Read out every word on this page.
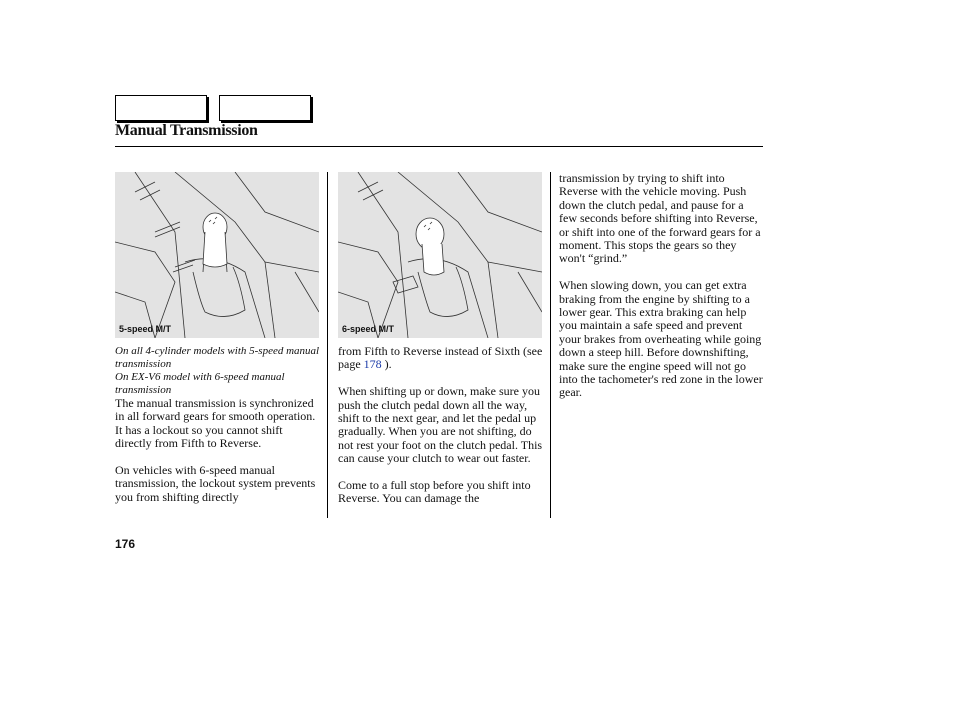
Manual Transmission
5-speed M/T	6-speed M/T
On all 4-cylinder models with 5-speed manual transmission
On EX-V6 model with 6-speed manual transmission

The manual transmission is synchronized in all forward gears for smooth operation. It has a lockout so you cannot shift directly from Fifth to Reverse.

On vehicles with 6-speed manual transmission, the lockout system prevents you from shifting directly

from Fifth to Reverse instead of Sixth (see page 178 ).

When shifting up or down, make sure you push the clutch pedal down all the way, shift to the next gear, and let the pedal up gradually. When you are not shifting, do not rest your foot on the clutch pedal. This can cause your clutch to wear out faster.

Come to a full stop before you shift into Reverse. You can damage the

transmission by trying to shift into Reverse with the vehicle moving. Push down the clutch pedal, and pause for a few seconds before shifting into Reverse, or shift into one of the forward gears for a moment. This stops the gears so they won't “grind.”

When slowing down, you can get extra braking from the engine by shifting to a lower gear. This extra braking can help you maintain a safe speed and prevent your brakes from overheating while going down a steep hill. Before downshifting, make sure the engine speed will not go into the tachometer's red zone in the lower gear.

176
